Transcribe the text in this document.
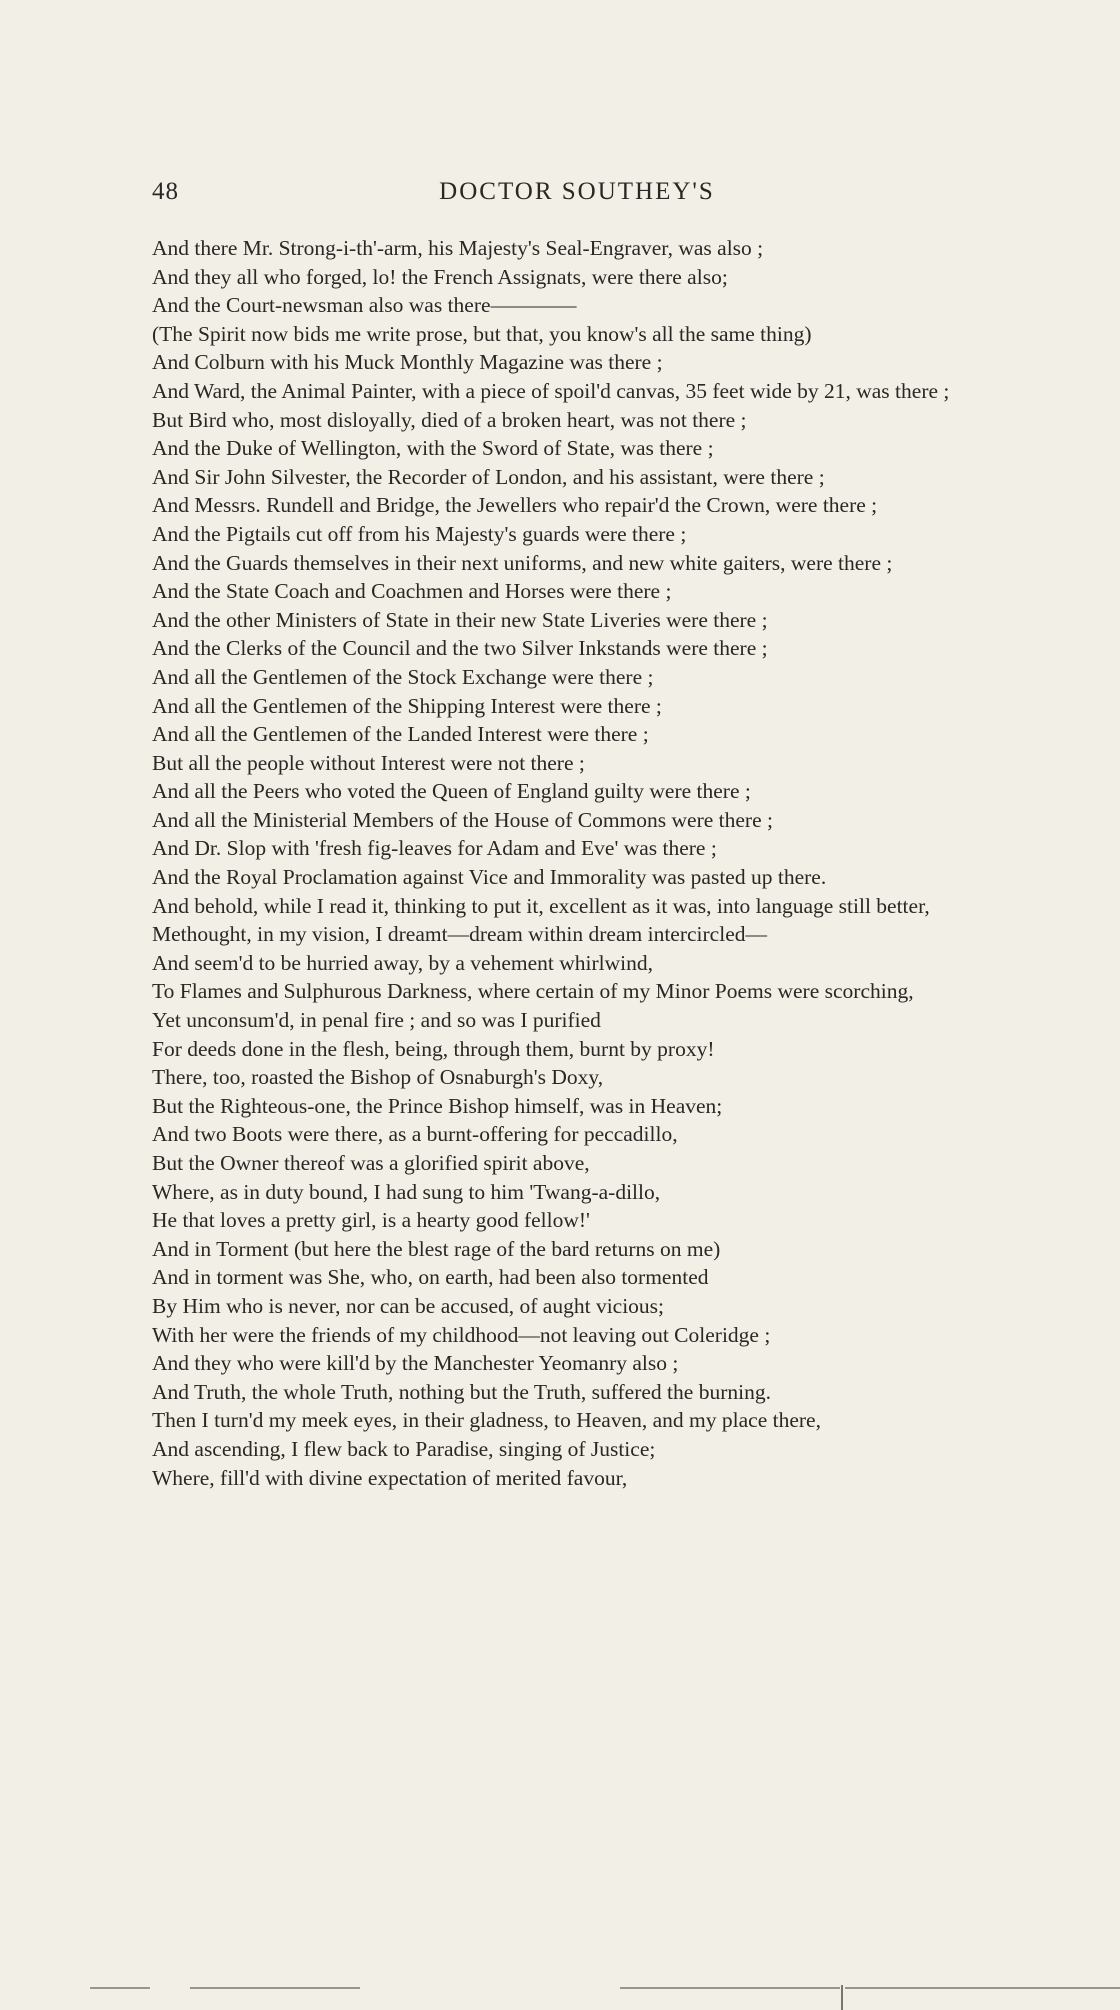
48	DOCTOR SOUTHEY'S

And there Mr. Strong-i-th'-arm, his Majesty's Seal-Engraver, was also ;

And they all who forged, lo! the French Assignats, were there also;

And the Court-newsman also was there————

(The Spirit now bids me write prose, but that, you know's all the same thing)

And Colburn with his Muck Monthly Magazine was there ;

And Ward, the Animal Painter, with a piece of spoil'd canvas, 35 feet wide by 21, was there ;

But Bird who, most disloyally, died of a broken heart, was not there ;

And the Duke of Wellington, with the Sword of State, was there ;

And Sir John Silvester, the Recorder of London, and his assistant, were there ;

And Messrs. Rundell and Bridge, the Jewellers who repair'd the Crown, were there ;

And the Pigtails cut off from his Majesty's guards were there ;

And the Guards themselves in their next uniforms, and new white gaiters, were there ;

And the State Coach and Coachmen and Horses were there ;

And the other Ministers of State in their new State Liveries were there ;

And the Clerks of the Council and the two Silver Inkstands were there ;

And all the Gentlemen of the Stock Exchange were there ;

And all the Gentlemen of the Shipping Interest were there ;

And all the Gentlemen of the Landed Interest were there ;

But all the people without Interest were not there ;

And all the Peers who voted the Queen of England guilty were there ;

And all the Ministerial Members of the House of Commons were there ;

And Dr. Slop with 'fresh fig-leaves for Adam and Eve' was there ;

And the Royal Proclamation against Vice and Immorality was pasted up there.

And behold, while I read it, thinking to put it, excellent as it was, into language still better,

Methought, in my vision, I dreamt—dream within dream intercircled—

And seem'd to be hurried away, by a vehement whirlwind,

To Flames and Sulphurous Darkness, where certain of my Minor Poems were scorching,

Yet unconsum'd, in penal fire ; and so was I purified

For deeds done in the flesh, being, through them, burnt by proxy!

There, too, roasted the Bishop of Osnaburgh's Doxy,

But the Righteous-one, the Prince Bishop himself, was in Heaven;

And two Boots were there, as a burnt-offering for peccadillo,

But the Owner thereof was a glorified spirit above,

Where, as in duty bound, I had sung to him 'Twang-a-dillo,

He that loves a pretty girl, is a hearty good fellow!'

And in Torment (but here the blest rage of the bard returns on me)

And in torment was She, who, on earth, had been also tormented

By Him who is never, nor can be accused, of aught vicious;

With her were the friends of my childhood—not leaving out Coleridge ;

And they who were kill'd by the Manchester Yeomanry also ;

And Truth, the whole Truth, nothing but the Truth, suffered the burning.

Then I turn'd my meek eyes, in their gladness, to Heaven, and my place there,

And ascending, I flew back to Paradise, singing of Justice;

Where, fill'd with divine expectation of merited favour,
